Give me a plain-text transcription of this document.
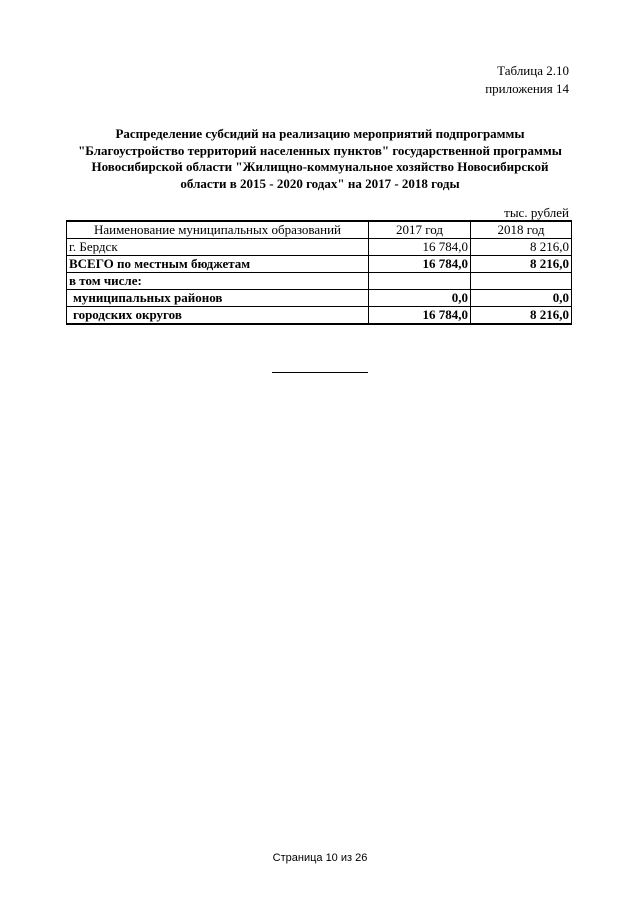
Таблица 2.10
приложения 14
Распределение субсидий на реализацию мероприятий подпрограммы
"Благоустройство территорий населенных пунктов" государственной программы
Новосибирской области "Жилищно-коммунальное хозяйство Новосибирской
области в 2015 - 2020 годах" на 2017 - 2018 годы
тыс. рублей
Наименование муниципальных образований	2017 год	2018 год
г. Бердск	16 784,0	8 216,0
ВСЕГО по местным бюджетам	16 784,0	8 216,0
в том числе:		
муниципальных районов	0,0	0,0
городских округов	16 784,0	8 216,0
Страница 10 из 26
